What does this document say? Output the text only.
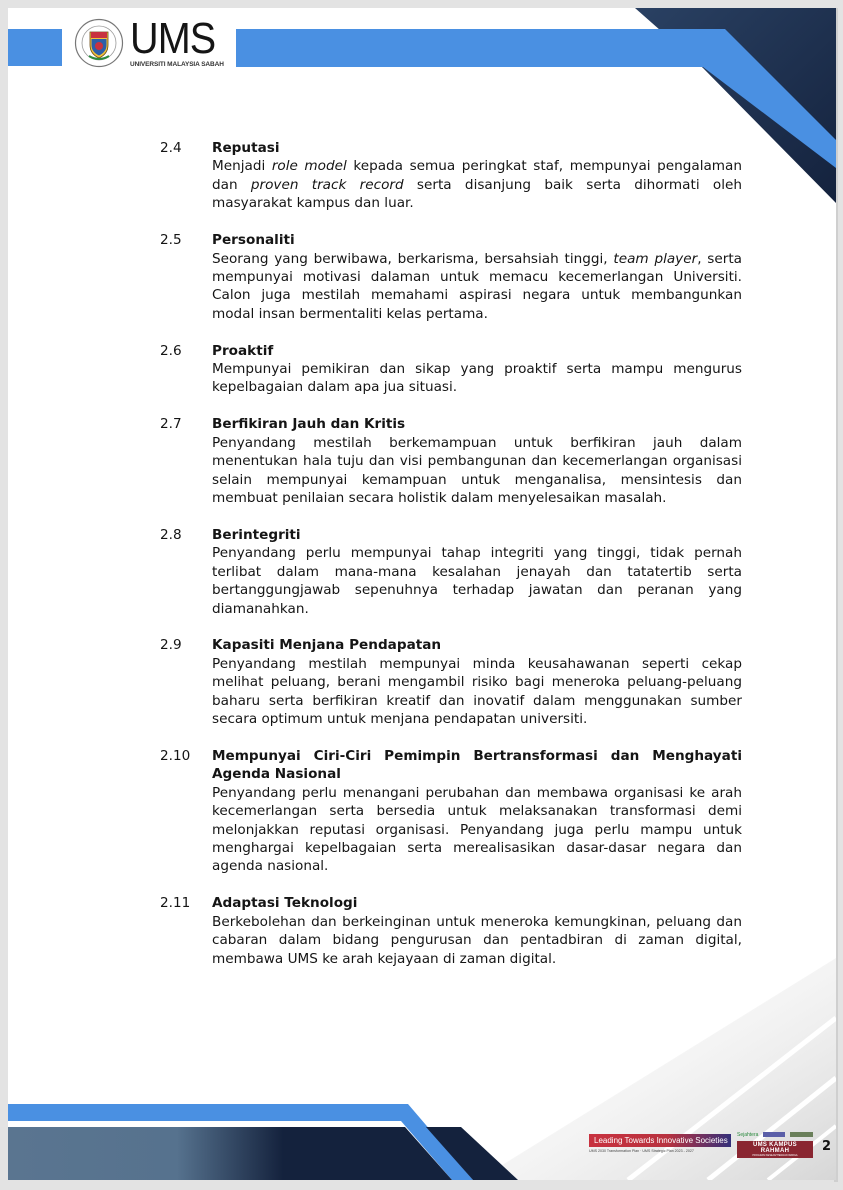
UMS
UNIVERSITI MALAYSIA SABAH
2.4	Reputasi
Menjadi role model kepada semua peringkat staf, mempunyai pengalaman dan proven track record serta disanjung baik serta dihormati oleh masyarakat kampus dan luar.
2.5	Personaliti
Seorang yang berwibawa, berkarisma, bersahsiah tinggi, team player, serta mempunyai motivasi dalaman untuk memacu kecemerlangan Universiti. Calon juga mestilah memahami aspirasi negara untuk membangunkan modal insan bermentaliti kelas pertama.
2.6	Proaktif
Mempunyai pemikiran dan sikap yang proaktif serta mampu mengurus kepelbagaian dalam apa jua situasi.
2.7	Berfikiran Jauh dan Kritis
Penyandang mestilah berkemampuan untuk berfikiran jauh dalam menentukan hala tuju dan visi pembangunan dan kecemerlangan organisasi selain mempunyai kemampuan untuk menganalisa, mensintesis dan membuat penilaian secara holistik dalam menyelesaikan masalah.
2.8	Berintegriti
Penyandang perlu mempunyai tahap integriti yang tinggi, tidak pernah terlibat dalam mana-mana kesalahan jenayah dan tatatertib serta bertanggungjawab sepenuhnya terhadap jawatan dan peranan yang diamanahkan.
2.9	Kapasiti Menjana Pendapatan
Penyandang mestilah mempunyai minda keusahawanan seperti cekap melihat peluang, berani mengambil risiko bagi meneroka peluang-peluang baharu serta berfikiran kreatif dan inovatif dalam menggunakan sumber secara optimum untuk menjana pendapatan universiti.
2.10	Mempunyai Ciri-Ciri Pemimpin Bertransformasi dan Menghayati Agenda Nasional
Penyandang perlu menangani perubahan dan membawa organisasi ke arah kecemerlangan serta bersedia untuk melaksanakan transformasi demi melonjakkan reputasi organisasi. Penyandang juga perlu mampu untuk menghargai kepelbagaian serta merealisasikan dasar-dasar negara dan agenda nasional.
2.11	Adaptasi Teknologi
Berkebolehan dan berkeinginan untuk meneroka kemungkinan, peluang dan cabaran dalam bidang pengurusan dan pentadbiran di zaman digital, membawa UMS ke arah kejayaan di zaman digital.
Leading Towards Innovative Societies
UMS 2030 Transformation Plan · UMS Strategic Plan 2023 - 2027
Sejahtera
UMS KAMPUS RAHMAH
PROGRAM KESEJAHTERAAN WARGA
2
